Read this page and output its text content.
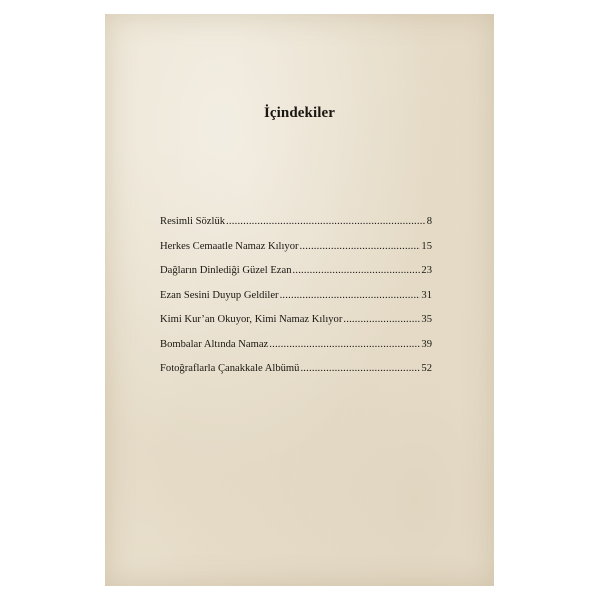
İçindekiler
Resimli Sözlük .....	8
Herkes Cemaatle Namaz Kılıyor .....	15
Dağların Dinlediği Güzel Ezan .....	23
Ezan Sesini Duyup Geldiler .....	31
Kimi Kur’an Okuyor, Kimi Namaz Kılıyor .....	35
Bombalar Altında Namaz .....	39
Fotoğraflarla Çanakkale Albümü .....	52
